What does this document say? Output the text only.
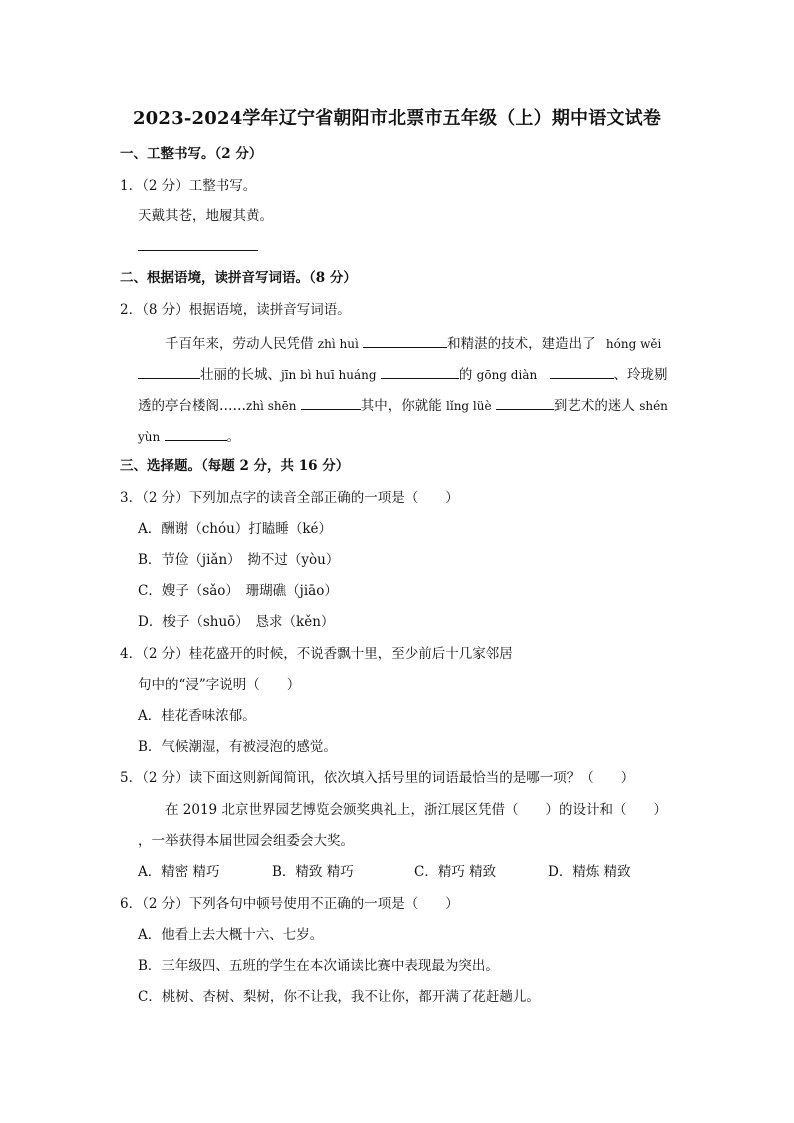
2023-2024学年辽宁省朝阳市北票市五年级（上）期中语文试卷
一、工整书写。（2 分）
1．（2 分）工整书写。
天戴其苍，地履其黄。
二、根据语境，读拼音写词语。（8 分）
2．（8 分）根据语境，读拼音写词语。
千百年来，劳动人民凭借 zhì huì	和精湛的技术，建造出了 hóng wěi
壮丽的长城、jīn bì huī huáng	的 gōng diàn	、玲珑剔
透的亭台楼阁……zhì shēn	其中，你就能 lǐng lüè	到艺术的迷人 shén
yùn	。
三、选择题。（每题 2 分，共 16 分）
3．（2 分）下列加点字的读音全部正确的一项是（　　）
A．酬谢（chóu）打瞌睡（ké）
B．节俭（jiǎn）　拗不过（yòu）
C．嫂子（sǎo）　珊瑚礁（jiāo）
D．梭子（shuō）　恳求（kěn）
4．（2 分）桂花盛开的时候，不说香飘十里，至少前后十几家邻居
句中的“浸”字说明（　　）
A．桂花香味浓郁。
B．气候潮湿，有被浸泡的感觉。
5．（2 分）读下面这则新闻简讯，依次填入括号里的词语最恰当的是哪一项？（　　）
在 2019 北京世界园艺博览会颁奖典礼上，浙江展区凭借（　　）的设计和（　　）
，一举获得本届世园会组委会大奖。
A．精密 精巧	B．精致 精巧	C．精巧 精致	D．精炼 精致
6．（2 分）下列各句中顿号使用不正确的一项是（　　）
A．他看上去大概十六、七岁。
B．三年级四、五班的学生在本次诵读比赛中表现最为突出。
C．桃树、杏树、梨树，你不让我，我不让你，都开满了花赶趟儿。
